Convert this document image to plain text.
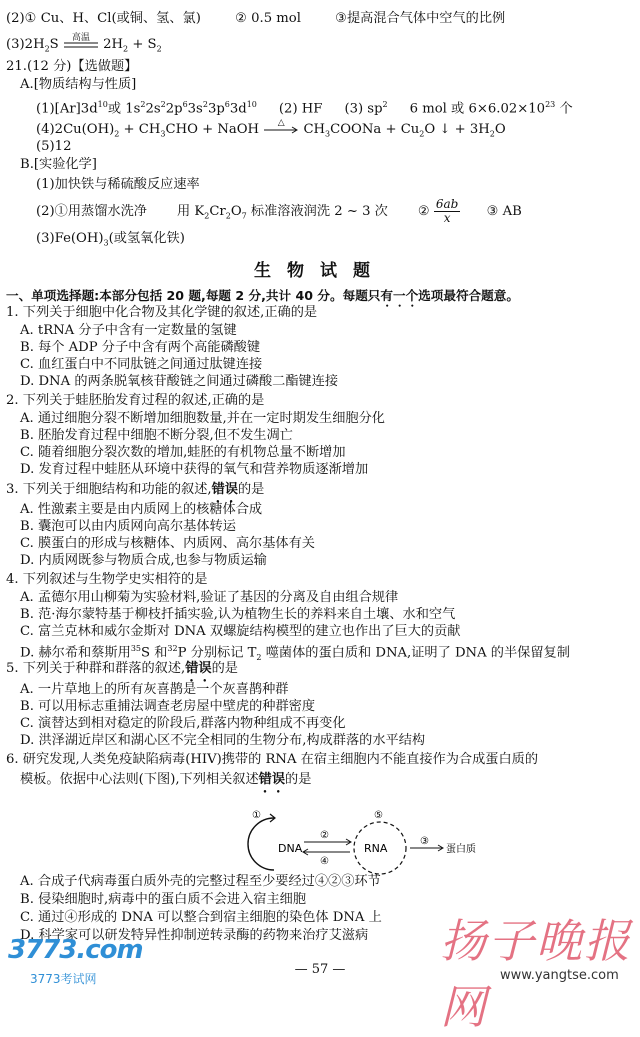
(2)① Cu、H、Cl(或铜、氢、氯)	② 0.5 mol	③提高混合气体中空气的比例
$(3)2H_2S$	高温	$2H_2 + S_2$
21.(12 分)【选做题】
A.[物质结构与性质]
$(1)[Ar]3d^{10}$或 $1s^22s^22p^63s^23p^63d^{10}$ (2) HF (3) $sp^2$ 6 mol 或 $6\times 6.02\times 10^{23}$ 个
$(4)2Cu(OH)_2 + CH_3CHO$ + NaOH	△	$CH_3COONa + Cu_2O$ ↓ + $3H_2O$
(5)12
B.[实验化学]
(1)加快铁与稀硫酸反应速率
(2)①用蒸馏水洗净 用 $K_2Cr_2O_7$ 标准溶液润洗 2 ~ 3 次 ② $\frac{6ab}{x}$ ③ AB
$(3)Fe(OH)_3$(或氢氧化铁)
生物试题
一、单项选择题:本部分包括 20 题,每题 2 分,共计 40 分。每题只有一个选项最符合题意。
1. 下列关于细胞中化合物及其化学键的叙述,正确的是
A. tRNA 分子中含有一定数量的氢键
B. 每个 ADP 分子中含有两个高能磷酸键
C. 血红蛋白中不同肽链之间通过肽键连接
D. DNA 的两条脱氧核苷酸链之间通过磷酸二酯键连接
2. 下列关于蛙胚胎发育过程的叙述,正确的是
A. 通过细胞分裂不断增加细胞数量,并在一定时期发生细胞分化
B. 胚胎发育过程中细胞不断分裂,但不发生凋亡
C. 随着细胞分裂次数的增加,蛙胚的有机物总量不断增加
D. 发育过程中蛙胚从环境中获得的氧气和营养物质逐渐增加
3. 下列关于细胞结构和功能的叙述,错误的是
A. 性激素主要是由内质网上的核糖体合成
B. 囊泡可以由内质网向高尔基体转运
C. 膜蛋白的形成与核糖体、内质网、高尔基体有关
D. 内质网既参与物质合成,也参与物质运输
4. 下列叙述与生物学史实相符的是
A. 孟德尔用山柳菊为实验材料,验证了基因的分离及自由组合规律
B. 范·海尔蒙特基于柳枝扦插实验,认为植物生长的养料来自土壤、水和空气
C. 富兰克林和威尔金斯对 DNA 双螺旋结构模型的建立也作出了巨大的贡献
D. 赫尔希和蔡斯用$^{35}$S 和$^{32}$P 分别标记 $T_2$ 噬菌体的蛋白质和 DNA,证明了 DNA 的半保留复制
5. 下列关于种群和群落的叙述,错误的是
A. 一片草地上的所有灰喜鹊是一个灰喜鹊种群
B. 可以用标志重捕法调查老房屋中壁虎的种群密度
C. 演替达到相对稳定的阶段后,群落内物种组成不再变化
D. 洪泽湖近岸区和湖心区不完全相同的生物分布,构成群落的水平结构
6. 研究发现,人类免疫缺陷病毒(HIV)携带的 RNA 在宿主细胞内不能直接作为合成蛋白质的
模板。依据中心法则(下图),下列相关叙述错误的是
①
DNA
②
④
⑤
RNA
③
蛋白质
A. 合成子代病毒蛋白质外壳的完整过程至少要经过④②③环节
B. 侵染细胞时,病毒中的蛋白质不会进入宿主细胞
C. 通过④形成的 DNA 可以整合到宿主细胞的染色体 DNA 上
D. 科学家可以研发特异性抑制逆转录酶的药物来治疗艾滋病
3773.com
3773考试网
扬子晚报网
www.yangtse.com
— 57 —
